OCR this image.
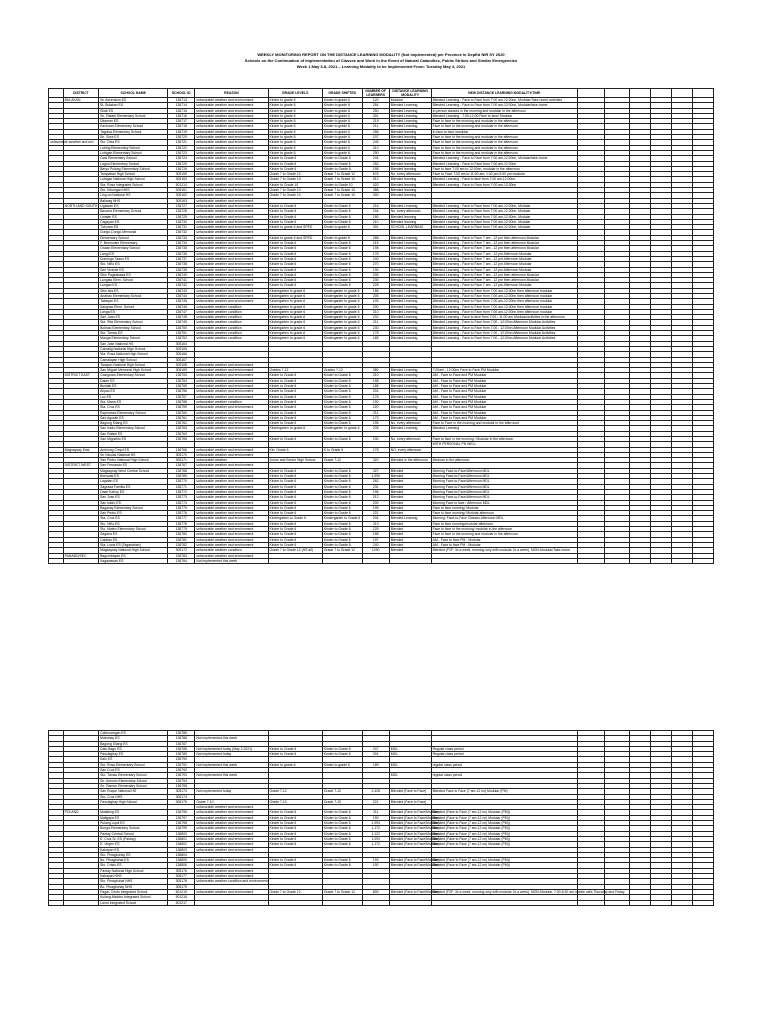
WEEKLY MONITORING REPORT ON THE DISTANCE LEARNING MODALITY (Not implemented) per Province in DepEd NIR SY 2020
Schools on the Continuation of Implementation of Classes and Work in the Event of Natural Calamities, Public Strikes and Similar Emergencies
Week 1 May 3-8, 2021 – Learning Modality to be Implemented From: Tuesday May 4, 2021
	DISTRICT	SCHOOL NAME	SCHOOL ID	REASON	GRADE LEVELS	GRADE SHIFTED	NUMBER OF LEARNERS	DISTANCE LEARNING MODALITY	NEW DISTANCE LEARNING MODALITY/TIME						
	BULAKAN	Sn Ascension ES	136713	unfavorable weather and environment	Kinder to grade 6	Kinder to grade 6	120	Modular	Blended Learning - Face to Face from 7:00 am-12:00nn, Modular/Take-home activities						
		St. Bulakan ES	136714	unfavorable weather and environment	Kinder to grade 6	Kinder to grade 6	264	Blended Learning	Blended Learning - Face to Face from 7:00 am-12:00nn, Modular/take-home						
		Silab ES	136715	unfavorable weather and environment	Kinder to grade 6	Kinder to grade 6	250	Blended Learning	In-person classes in the morning and modular in the afternoon						
		Sn. Rafael Elementary School	136716	unfavorable weather and environment	Kinder to grade 6	Kinder to grade 6	301	Blended Learning	Blended Learning - 7:00-12:00 Face to face/ Modular						
		Ditaman ES	136717	unfavorable weather and environment	Kinder to grade 6	Kinder to grade 6	219	Blended Learning	Face to face in the morning and modular in the afternoon						
		Kanluran Elementary School	136718	unfavorable weather and environment	Kinder to grade 6	Kinder to grade 6	211	Blended Learning	Face to face in the morning and modular in the afternoon						
		Taguisa Elementary School	136719	unfavorable weather and environment	Kinder to grade 6	Kinder to grade 6	256	Blended learning	In-face to face /modular						
		Sn. Sora ES	136720	unfavorable weather and environment	Kinder to grade 6	Kinder to grade 6	197	Blended learning	Face to face in the morning and modular in the afternoon						
unfavorable weather and env		Sto. Dela ES	136721	unfavorable weather and environment	Kinder to grade 6	Kinder to grade 6	245	Blended learning	Face to face in the morning and modular in the afternoon						
		Lubing Elementary School	136722	unfavorable weather and environment	Kinder to grade 6	Kinder to grade 6	310	Blended learning	Face to face in the morning and modular in the afternoon						
		Lubigan Elementary School	136723	unfavorable weather and environment	Kinder to grade 6	Kinder to grade 6	290	Blended learning	Face to face in the morning and modular in the afternoon						
		Gaw Elementary School	136724	unfavorable weather and environment	Kinder to Grade 6	Kinder to Grade 6	244	Blended learning	Blended Learning - Face to Face from 7:00 am-12:00nn, Modular/take-home						
		Lagon Elementary School	136725	unfavorable weather and environment	Kinder to Grade 6	Kinder to Grade 6	252	Blended learning	Blended Learning - Face to Face from 7:00 am-12:00nn						
		Baryo Pulang Elementary School	136726	unfavorable weather and environment	Kinder to Grade 6	Kinder to Grade 6	198	Blended learning	Face to face 7:00 am to 12:00nn, modular in the afternoon						
		Tampakan High School	305159	unfavorable weather and environment	Grade 7 to Grade 12	Grade 7 to Grade 12	676	No, every afternoon	Face to Face 7:00 am to 11:00 am; 1:00 pm-5:00 pm modular						
		Lubigan National High School	305160	unfavorable weather and environment	Grade 7 to Grade 10	Grade 7 to Grade 10	512	Blended learning	Blended Learning - Face to face from 7:00 am-12:00nn						
		Sta. Rosa Integrated School	501214	unfavorable weather and environment	Kinder to Grade 10	Kinder to Grade 10	420	Blended learning	Blended Learning - Face to Face from 7:00 am-12:00nn						
		Sto. Kibungan NHS	305161	unfavorable weather and environment	Grade 7 to Grade 10	Grade 7 to Grade 10	388	Blended learning							
		Ling-on National HS	305162	unfavorable weather and environment	Grade 7 to Grade 10	Grade 7 to Grade 10	300	Blended learning							
		Baliwag NHS	305163	unfavorable weather and environment											
	NORTH AND SOUTH	Ligtasan ES	136727	unfavorable weather and environment	Kinder to Grade 6	Kinder to Grade 6	216	Blended Learning	Blended Learning - Face to Face from 7:00 am-12:00nn, Modular						
		Bauana Elementary School	136728	unfavorable weather and environment	Kinder to Grade 6	Kinder to Grade 6	244	No, every afternoon	Blended Learning - Face to Face from 7:00 am-12:00nn, Modular						
		Linatan ES	136729	unfavorable weather and environment	Kinder to Grade 6	Kinder to Grade 6	180	Blended learning	Blended Learning - Face to Face from 7:00 am-12:00nn, Modular						
		Cagayan ES	136730	unfavorable weather and environment	Kinder to Grade 6	Kinder to Grade 6	210	Blended learning	Blended Learning - Face to Face from 7:00 am-12:00nn, Modular						
		Tuburan ES	136731	unfavorable weather and environment	Kinder to grade 6 and SPED	Kinder to grade 6	301	SCHOOL LEARNING	Blended Learning - Face to Face from 7:00 am-12:00nn, Modular						
		Dungo-Dungo Memorial	136732	unfavorable weather and environment											
		Elementary School	136733	unfavorable weather and environment	Kinder to grade 6 and SPED	Kinder to grade 6	288	Blended Learning	Blended Learning - Face to Face 7 am - 12 pm then afternoon Modular						
		F. Bermudez Elementary	136734	unfavorable weather and environment	Kinder to Grade 6	Kinder to Grade 6	215	Blended Learning	Blended Learning - Face to Face 7 am - 12 pm then afternoon Modular						
		Onaan Elementary School	136735	unfavorable weather and environment	Kinder to Grade 6	Kinder to Grade 6	198	Blended Learning	Blended Learning - Face to Face 7 am - 12 pm then afternoon Modular						
		Langi ES	136736	unfavorable weather and environment	Kinder to Grade 6	Kinder to Grade 6	176	Blended Learning	Blended Learning - Face to Face 7 am - 12 pm Afternoon Modular						
		Domingo Taaso ES	136737	unfavorable weather and environment	Kinder to Grade 6	Kinder to Grade 6	240	Blended Learning	Blended Learning - Face to Face 7 am - 12 pm Afternoon Modular						
		Sto. Niño ES	136738	unfavorable weather and environment	Kinder to Grade 6	Kinder to Grade 6	270	Blended Learning	Blended Learning - Face to Face 7 am - 12 pm Afternoon Modular						
		San Vicente ES	136739	unfavorable weather and environment	Kinder to Grade 6	Kinder to Grade 6	190	Blended Learning	Blended Learning - Face to Face 7 am - 12 pm Afternoon Modular						
		Sitio Pagkakaisa ES	136740	unfavorable weather and environment	Kinder to Grade 6	Kinder to Grade 6	205	Blended Learning	Blended Learning - Face to Face 7 am - 12 pm then afternoon Modular						
		Lungaw Elem. School	136741	unfavorable weather and environment	Kinder to Grade 6	Kinder to Grade 6	230	Blended Learning	Blended Learning - Face to Face 7 am - 12 pm then afternoon Modular						
		Longao ES	136742	unfavorable weather and environment	Kinder to Grade 6	Kinder to Grade 6	228	Blended Learning	Blended Learning - Face to Face 7 am - 12 pm Afternoon Modular						
		Sitio Isla ES	136743	unfavorable weather and environment	Kindergarten to grade 6	Kindergarten to grade 6	186	Blended Learning	Blended Learning - Face to Face from 7:00 am-12:00nn then afternoon modular						
		Anahao Elementary School	136744	unfavorable weather and environment	Kindergarten to grade 6	Kindergarten to grade 6	205	Blended Learning	Blended Learning - Face to Face from 7:00 am-12:00nn then afternoon modular						
		Tabayan ES	136745	unfavorable weather and environment	Kindergarten to grade 6	Kindergarten to grade 6	193	Blended Learning	Blended Learning - Face to Face from 7:00 am-12:00nn then afternoon modular						
		Kalapaw Elem. School	136746	unfavorable weather condition	Kindergarten to grade 6	Kindergarten to grade 6	200	Blended Learning	Blended Learning - Face to Face from 7:00 am-12:00nn then afternoon modular						
		Langa ES	136747	unfavorable weather condition	Kindergarten to grade 6	Kindergarten to grade 6	210	Blended Learning	Blended Learning - Face to Face from 7:00 am-12:00nn then afternoon modular						
		San Juan ES	136748	unfavorable weather condition	Kindergarten to grade 6	Kindergarten to grade 6	202	Blended Learning	Blended Learning - Face to face from 7:00 - 11:00 am Modular/activities in the afternoon						
		Sta. Rita Elementary School	136749	unfavorable weather condition	Kindergarten to grade 6	Kindergarten to grade 6	211	Blended Learning	Blended Learning - Face to Face from 7:00 - 12:00nn Afternoon Modular Activities						
		Bolinao Elementary School	136750	unfavorable weather condition	Kindergarten to grade 6	Kindergarten to grade 6	240	Blended Learning	Blended Learning - Face to Face from 7:00 - 12:00nn Afternoon Modular Activities						
		Sto. Tomas ES	136751	unfavorable weather condition	Kindergarten to grade 6	Kindergarten to grade 6	178	Blended Learning	Blended Learning - Face to Face from 7:00 - 12:00nn Afternoon Modular Activities						
		Manga Elementary School	136752	unfavorable weather condition	Kindergarten to grade 6	Kindergarten to grade 6	185	Blended Learning	Blended Learning - Face to Face from 7:00 - 12:00nn Afternoon Modular Activities						
		San Jose National HS	305164												
		Camalig National High School	305165												
		Sta. Rosa National High School	305166												
		Camalayan High School	305167												
		Tarapon National High School	305168	unfavorable weather and environment											
		San Miguel Memorial High School	305169	unfavorable weather and environment	Grades 7-12	Grades 7-12	380	Blended Learning	7:00am - 12:00nn Face to Face PM Modular						
	DISTRICT EAST	Casiguran Elementary School	136753	unfavorable weather and environment	Kinder to Grade 6	Kinder to Grade 6	210	Blended Learning	AM - Face to Face and PM Modular						
		Dalan ES	136754	unfavorable weather and environment	Kinder to Grade 6	Kinder to Grade 6	198	Blended Learning	AM - Face to Face and PM Modular						
		Busilak ES	136755	unfavorable weather and environment	Kinder to Grade 6	Kinder to Grade 6	186	Blended Learning	AM - Face to Face and PM Modular						
		Alipao ES	136756	unfavorable weather and environment	Kinder to Grade 6	Kinder to Grade 6	201	Blended Learning	AM - Face to Face and PM Modular						
		Luz ES	136757	unfavorable weather and environment	Kinder to Grade 6	Kinder to Grade 6	176	Blended Learning	AM - Face to Face and PM Modular						
		Sta. Maria ES	136758	unfavorable weather condition	Kinder to Grade 6	Kinder to Grade 6	190	Blended Learning	AM - Face to Face and PM Modular						
		Sta. Cruz ES	136759	unfavorable weather and environment	Kinder to Grade 6	Kinder to Grade 6	220	Blended Learning	AM - Face to Face and PM Modular						
		Esperanza Elementary School	136760	unfavorable weather and environment	Kinder to Grade 6	Kinder to Grade 6	211	Blended Learning	AM - Face to Face and PM Modular						
		San Agustin ES	136761	unfavorable weather and environment	Kinder to Grade 6	Kinder to Grade 6	173	Blended Learning	AM - Face to Face and PM Modular						
		Bagong Silang ES	136762	unfavorable weather and environment	Kinder to Grade 6	Kinder to Grade 6	195	No, every afternoon	Face to Face in the morning and modular in the afternoon						
		San Isidro Elementary School	136763	unfavorable weather and environment	Kindergarten to grade 6	Kindergarten to grade 6	205	Blended Learning	Blended Learning						
		San Rafael ES	136764	unfavorable weather and environment											
		San Miguelito ES	136765	unfavorable weather and environment	Kinder to Grade 6	Kinder to Grade 6	230	No, every afternoon	Face to face in the morning / Modular in the afternoon						
									WITH PERSONAL PN WELL						
	Magsaysay East	Ambiong Cmpd ES	136766	unfavorable weather and environment	Kin. Grade 6	K to Grade 6	178	NO, every afternoon							
		Sn Nicolas National HS	305170	unfavorable weather and environment											
		San Pedro National High School	305171	unfavorable weather	Junior and Senior High School	Grade 7-12	320	Blended in the afternoon	Modular in the afternoon						
	DISTRICT WEST	San Fernando ES	136767	unfavorable weather and environment											
		Magsaysay West Central School	136768	unfavorable weather and environment	Kinder to Grade 6	Kinder to Grade 6	327	Blended	Morning Face-to-Face/Afternoon MDL						
		Bonsuak ES	136769	unfavorable weather and environment	Kinder to Grade 6	Kinder to Grade 6	1,090	Blended	Morning Face-to-Face/Afternoon MDL						
		Lagatan ES	136770	unfavorable weather and environment	Kinder to Grade 6	Kinder to Grade 6	262	Blended	Morning Face-to-Face/Afternoon MDL						
		Sagrada Familia ES	136771	unfavorable weather and environment	Kinder to Grade 6	Kinder to Grade 6	231	Blended	Morning Face-to-Face/Afternoon MDL						
		Daan Kahoy ES	136772	unfavorable weather and environment	Kinder to Grade 6	Kinder to Grade 6	196	Blended	Morning Face-to-Face/Afternoon MDL						
		San Jose ES	136773	unfavorable weather and environment	Kinder to Grade 6	Kinder to Grade 6	212	Blended	Morning Face-to-Face/Afternoon MDL						
		San Isidro ES	136774	unfavorable weather and environment	Kinder to Grade 6	Kinder to Grade 6	200	Blended	Morning Face to face / Afternoon MDL						
		Bagacay Elementary School	136775	unfavorable weather and environment	Kinder to Grade 6	Kinder to Grade 6	195	Blended	Face to face morning/ Modular						
		San Pedro ES	136776	unfavorable weather and environment	Kinder to Grade 6	Kinder to Grade 6	221	Blended	Face to face morning/ Modular afternoon						
		Sta. Cruz ES	136777	unfavorable weather and environment	Kindergarten to Grade 6	Kindergarten to Grade 6	204	Blended Learning	Morning: Face-to-Face Classes Afternoon MDL						
		Sto. Niño ES	136778	unfavorable weather and environment	Kinder to Grade 6	Kinder to Grade 6	213	Blended	Face to face morning/modular afternoon						
		Sto. Mateo Elementary School	136779	unfavorable weather and environment	Kinder to Grade 6	Kinder to Grade 6	225	Blended	Face to face in the morning/ modular in the afternoon						
		Sagana ES	136780	unfavorable weather and environment	Kinder to Grade 6	Kinder to Grade 6	188	Blended	Face to face in the morning and modular in the afternoon						
		Cabitan ES	136781	unfavorable weather and environment	Kinder to Grade 6	Kinder to Grade 6	197	Blended	AM - Face to face PM - Modular						
		Sta. Lucia ES (Taganahan)	136782	unfavorable weather and environment	Kinder to Grade 6	Kinder to Grade 6	240	Blended	AM - Face to face PM - Modular						
		Magsaysay National High School	305172	unfavorable weather condition	Grade 7 to Grade 12 (HS all)	Grade 7 to Grade 12	1090	Blended	Blended (F2F: 3x a week, morning only with modular 2x a week), MON-Modular/Take-home						
	PANABO/SEC	Bagumbayan ES	136783	unfavorable weather and environment											
		Kagawasan ES	136784	Not implemented this week											
		Cabinuangan ES	136785												
		Mabuhay ES	136786	Not implemented this week											
		Bagong Silang ES	136787												
		Datu Bago ES	136788	Not implemented today (May 3 2021)	Kinder to Grade 6	Kinder to Grade 6	247	MDL	Regular class period						
		Pasciaghay ES	136789	Not implemented today	Kinder to Grade 6	Kinder to Grade 6	301	MDL	Regular class period						
		Kalo ES	136790												
		Sto. Rosa Elementary School	136791	Not implemented this week	Kinder to grade 6	Kinder to grade 6	189	MDL	regular class period						
		San Cruz ES	136792												
		Sto. Tomas Elementary School	136793	Not implemented this week				MDL	regular class period						
		Sn. Antonio Elementary School	136794												
		Sn. Ramon Elementary School	136795												
		San Roque National HS	305173	Not implemented today	Grade 7-12	Grade 7-12	2,428	Blended (Face to Face)	Blended Face to Face (7 am-12 nn) Modular (PM)						
		Sto. Cruz NHS	305174												
		Pasciaghay High School	305175	Grade 7-10	Grade 7-10	Grade 7-10	221	Blended (Face to Face)							
				unfavorable weather and environment											
	POLAND	Malaking ES	136796	unfavorable weather and environment	Kinder to Grade 6	Kinder to Grade 6	211	Blended (Face to Face/Modular)	Blended (Face to Face (7 am-12 nn) Modular (PM))						
		Maligaya ES	136797	unfavorable weather and environment	Kinder to Grade 6	Kinder to Grade 6	190	Blended (Face to Face/Modular)	Blended (Face to Face (7 am-12 nn) Modular (PM))						
		Pulang Lupa ES	136798	unfavorable weather and environment	Kinder to Grade 6	Kinder to Grade 6	1,094	Blended (Face to Face/Modular)	Blended (Face to Face (7 am-12 nn) Modular (PM))						
		Bonga Elementary School	136799	unfavorable weather and environment	Kinder to Grade 6	Kinder to Grade 6	1,172	Blended (Face to Face/Modular)	Blended (Face to Face (7 am-12 nn) Modular (PM))						
		Pantay Central School	136800	unfavorable weather and environment	Kinder to Grade 6	Kinder to Grade 6	1,122	Blended (Face to Face/Modular)	Blended (Face to Face (7 am-12 nn) Modular (PM))						
		E. Cruz Sr. ES (Pantay)	136801	unfavorable weather and environment	Kinder to Grade 6	Kinder to Grade 6	1,094	Blended (Face to Face/Modular)	Blended (Face to Face (7 am-12 nn) Modular (PM))						
		E. Virgen ES	136802	unfavorable weather and environment	Kinder to Grade 6	Kinder to Grade 6	1,172	Blended (Face to Face/Modular)	Blended (Face to Face (7 am-12 nn) Modular (PM))						
		Kabayan ES	136803	unfavorable weather and environment											
		Sto. Pinagbuhay ES	136804												
		Bo. Pinagbuhat ES	136805	unfavorable weather and environment	Kinder to Grade 6	Kinder to Grade 6	193	Blended (Face to Face/Modular)	Blended (Face to Face (7 am-12 nn) Modular (PM))						
		Sto. Cristo ES	136806	unfavorable weather and environment	Kinder to Grade 6	Kinder to Grade 6	190	Blended (Face to Face/Modular)	Blended (Face to Face (7 am-12 nn) Modular (PM))						
		Pantay National High School	305176	unfavorable weather and environment											
		Kabayan NHS	305177	unfavorable weather and environment											
		Sto. Pinagbuhat NHS	305178	unfavorable weather condition and environment											
		Bo. Pinagbuhay NHS	305179												
		Pagal- Cristo Integrated School	501215	unfavorable weather and environment	Grade 7 to Grade 12	Grade 7 to Grade 12	800	Blended (Face to Face/Modular)	Blended (F2F: 3x a week, morning only with modular 2x a week), MON-Modular, 7:30-8:30 am mobile calls Thursday and Friday						
		Kulang-Malobo Integrated School	501216												
		Lanot Integrated School	501217												
